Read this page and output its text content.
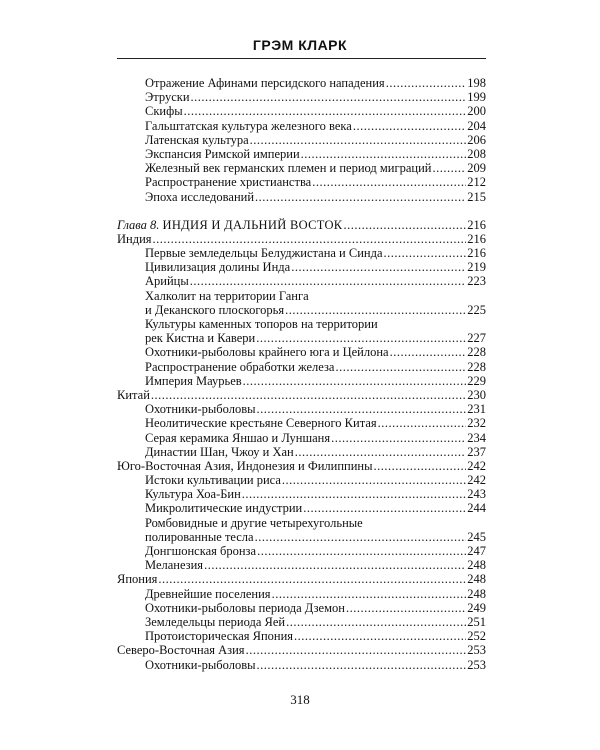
ГРЭМ КЛАРК
Отражение Афинами персидского нападения .....	198
Этруски .....	199
Скифы .....	200
Гальштатская культура железного века .....	204
Латенская культура .....	206
Экспансия Римской империи .....	208
Железный век германских племен и период миграций .....	209
Распространение христианства .....	212
Эпоха исследований .....	215
Глава 8. ИНДИЯ И ДАЛЬНИЙ ВОСТОК .....	216
Индия .....	216
Первые земледельцы Белуджистана и Синда .....	216
Цивилизация долины Инда .....	219
Арийцы .....	223
Халколит на территории Ганга
и Деканского плоскогорья .....	225
Культуры каменных топоров на территории
рек Кистна и Кавери .....	227
Охотники-рыболовы крайнего юга и Цейлона .....	228
Распространение обработки железа .....	228
Империя Маурьев .....	229
Китай .....	230
Охотники-рыболовы .....	231
Неолитические крестьяне Северного Китая .....	232
Серая керамика Яншао и Луншаня .....	234
Династии Шан, Чжоу и Хан .....	237
Юго-Восточная Азия, Индонезия и Филиппины .....	242
Истоки культивации риса .....	242
Культура Хоа-Бин .....	243
Микролитические индустрии .....	244
Ромбовидные и другие четырехугольные
полированные тесла .....	245
Донгшонская бронза .....	247
Меланезия .....	248
Япония .....	248
Древнейшие поселения .....	248
Охотники-рыболовы периода Дземон .....	249
Земледельцы периода Яей .....	251
Протоисторическая Япония .....	252
Северо-Восточная Азия .....	253
Охотники-рыболовы .....	253
318
